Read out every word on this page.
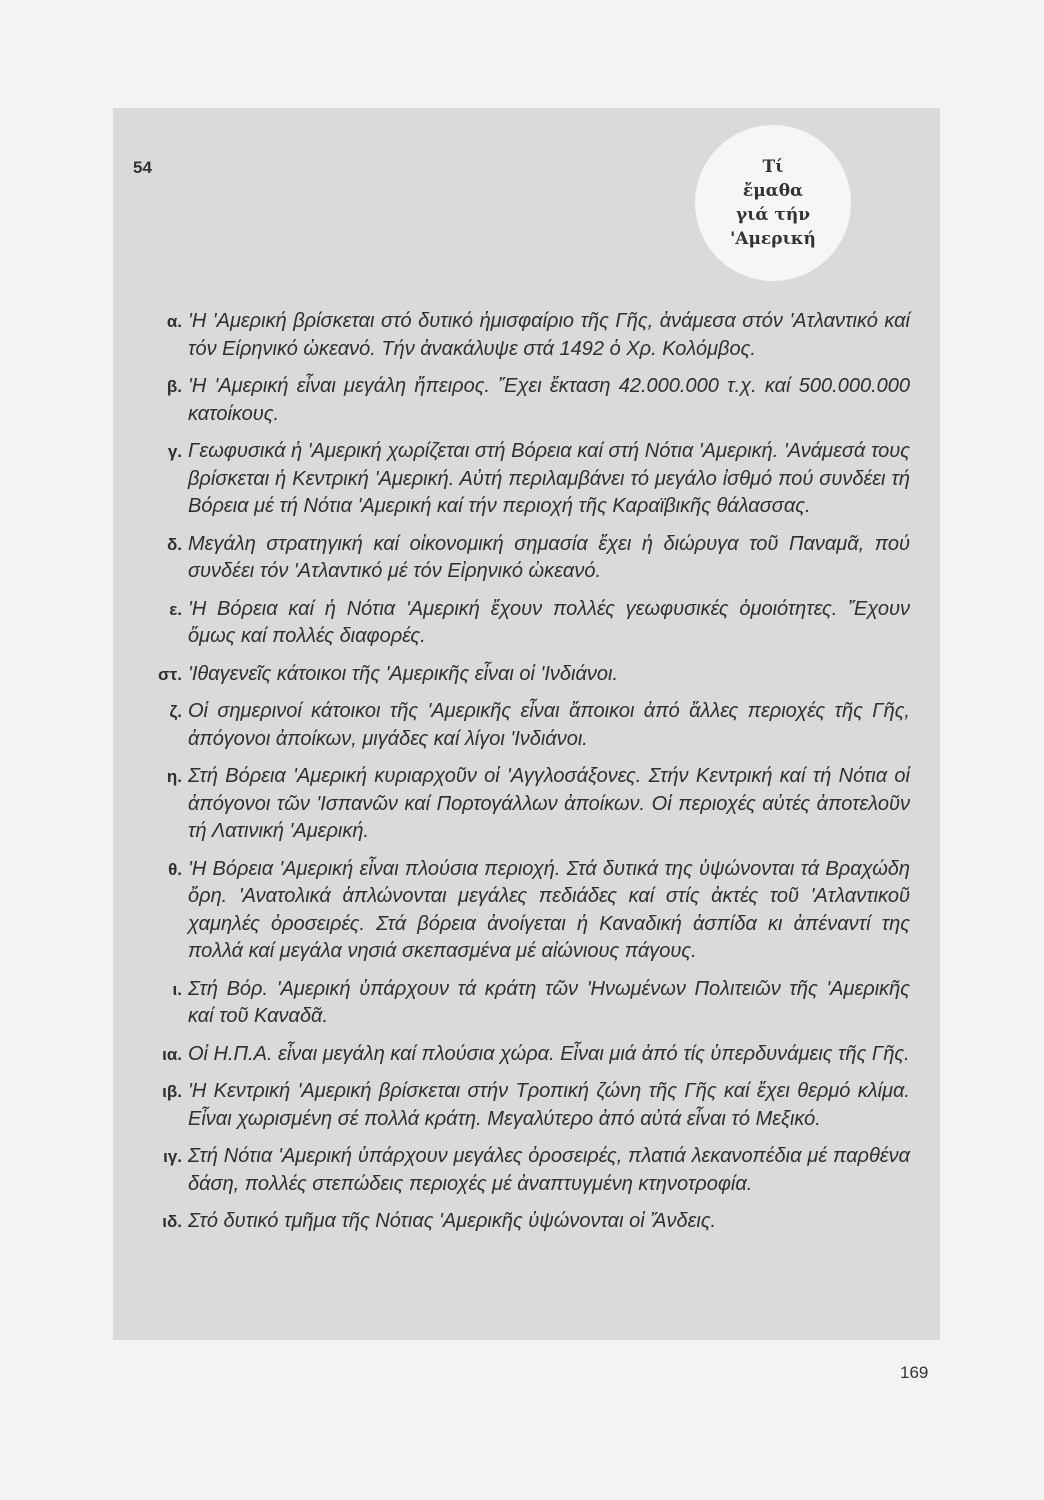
54	Τί
ἔμαθα
γιά τήν
'Αμερική
α. 'Η 'Αμερική βρίσκεται στό δυτικό ἡμισφαίριο τῆς Γῆς, ἀνάμεσα στόν 'Ατλαντικό καί τόν Είρηνικό ὠκεανό. Τήν ἀνακάλυψε στά 1492 ὁ Χρ. Κολόμβος.
β. 'Η 'Αμερική εἶναι μεγάλη ἤπειρος. Ἔχει ἔκταση 42.000.000 τ.χ. καί 500.000.000 κατοίκους.
γ. Γεωφυσικά ἡ 'Αμερική χωρίζεται στή Βόρεια καί στή Νότια 'Αμερική. 'Ανάμεσά τους βρίσκεται ἡ Κεντρική 'Αμερική. Αὐτή περιλαμβάνει τό μεγάλο ἰσθμό πού συνδέει τή Βόρεια μέ τή Νότια 'Αμερική καί τήν περιοχή τῆς Καραϊβικῆς θάλασσας.
δ. Μεγάλη στρατηγική καί οἰκονομική σημασία ἔχει ἡ διώρυγα τοῦ Παναμᾶ, πού συνδέει τόν 'Ατλαντικό μέ τόν Εἰρηνικό ὠκεανό.
ε. 'Η Βόρεια καί ἡ Νότια 'Αμερική ἔχουν πολλές γεωφυσικές ὁμοιότητες. Ἔχουν ὅμως καί πολλές διαφορές.
στ. 'Ιθαγενεῖς κάτοικοι τῆς 'Αμερικῆς εἶναι οἱ 'Ινδιάνοι.
ζ. Οἱ σημερινοί κάτοικοι τῆς 'Αμερικῆς εἶναι ἄποικοι ἀπό ἄλλες περιοχές τῆς Γῆς, ἀπόγονοι ἀποίκων, μιγάδες καί λίγοι 'Ινδιάνοι.
η. Στή Βόρεια 'Αμερική κυριαρχοῦν οἱ 'Αγγλοσάξονες. Στήν Κεντρική καί τή Νότια οἱ ἀπόγονοι τῶν 'Ισπανῶν καί Πορτογάλλων ἀποίκων. Οἱ περιοχές αὐτές ἀποτελοῦν τή Λατινική 'Αμερική.
θ. 'Η Βόρεια 'Αμερική εἶναι πλούσια περιοχή. Στά δυτικά της ὑψώνονται τά Βραχώδη ὄρη. 'Ανατολικά ἁπλώνονται μεγάλες πεδιάδες καί στίς ἀκτές τοῦ 'Ατλαντικοῦ χαμηλές ὀροσειρές. Στά βόρεια ἀνοίγεται ἡ Καναδική ἀσπίδα κι ἀπέναντί της πολλά καί μεγάλα νησιά σκεπασμένα μέ αἰώνιους πάγους.
ι. Στή Βόρ. 'Αμερική ὑπάρχουν τά κράτη τῶν 'Ηνωμένων Πολιτειῶν τῆς 'Αμερικῆς καί τοῦ Καναδᾶ.
ια. Οἱ Η.Π.Α. εἶναι μεγάλη καί πλούσια χώρα. Εἶναι μιά ἀπό τίς ὑπερδυνάμεις τῆς Γῆς.
ιβ. 'Η Κεντρική 'Αμερική βρίσκεται στήν Τροπική ζώνη τῆς Γῆς καί ἔχει θερμό κλίμα. Εἶναι χωρισμένη σέ πολλά κράτη. Μεγαλύτερο ἀπό αὐτά εἶναι τό Μεξικό.
ιγ. Στή Νότια 'Αμερική ὑπάρχουν μεγάλες ὀροσειρές, πλατιά λεκανοπέδια μέ παρθένα δάση, πολλές στεπώδεις περιοχές μέ ἀναπτυγμένη κτηνοτροφία.
ιδ. Στό δυτικό τμῆμα τῆς Νότιας 'Αμερικῆς ὑψώνονται οἱ Ἄνδεις.
169
